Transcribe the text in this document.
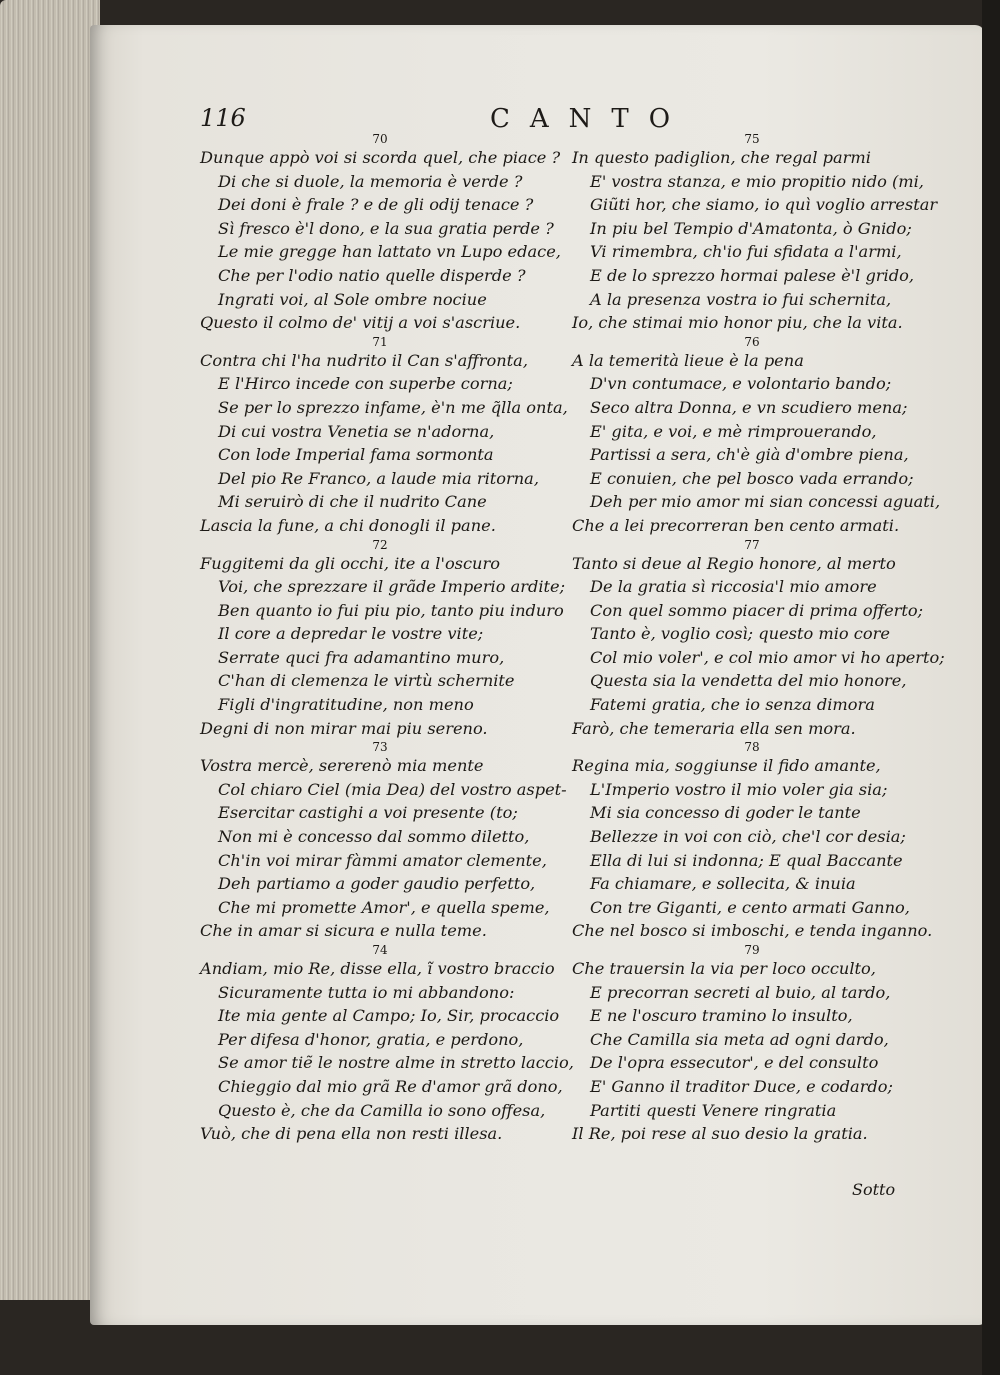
116	CANTO
70
Dunque appò voi si scorda quel, che piace ?
Di che si duole, la memoria è verde ?
Dei doni è frale ? e de gli odij tenace ?
Sì fresco è'l dono, e la sua gratia perde ?
Le mie gregge han lattato vn Lupo edace,
Che per l'odio natio quelle disperde ?
Ingrati voi, al Sole ombre nociue
Questo il colmo de' vitij a voi s'ascriue.
71
Contra chi l'ha nudrito il Can s'affronta,
E l'Hirco incede con superbe corna;
Se per lo sprezzo infame, è'n me q̃lla onta,
Di cui vostra Venetia se n'adorna,
Con lode Imperial fama sormonta
Del pio Re Franco, a laude mia ritorna,
Mi seruirò di che il nudrito Cane
Lascia la fune, a chi donogli il pane.
72
Fuggitemi da gli occhi, ite a l'oscuro
Voi, che sprezzare il grãde Imperio ardite;
Ben quanto io fui piu pio, tanto piu induro
Il core a depredar le vostre vite;
Serrate quci fra adamantino muro,
C'han di clemenza le virtù schernite
Figli d'ingratitudine, non meno
Degni di non mirar mai piu sereno.
73
Vostra mercè, sererenò mia mente
Col chiaro Ciel (mia Dea) del vostro aspet-
Esercitar castighi a voi presente (to;
Non mi è concesso dal sommo diletto,
Ch'in voi mirar fàmmi amator clemente,
Deh partiamo a goder gaudio perfetto,
Che mi promette Amor', e quella speme,
Che in amar si sicura e nulla teme.
74
Andiam, mio Re, disse ella, ĩ vostro braccio
Sicuramente tutta io mi abbandono:
Ite mia gente al Campo; Io, Sir, procaccio
Per difesa d'honor, gratia, e perdono,
Se amor tiẽ le nostre alme in stretto laccio,
Chieggio dal mio grã Re d'amor grã dono,
Questo è, che da Camilla io sono offesa,
Vuò, che di pena ella non resti illesa.
75
In questo padiglion, che regal parmi
E' vostra stanza, e mio propitio nido (mi,
Giũti hor, che siamo, io quì voglio arrestar
In piu bel Tempio d'Amatonta, ò Gnido;
Vi rimembra, ch'io fui sfidata a l'armi,
E de lo sprezzo hormai palese è'l grido,
A la presenza vostra io fui schernita,
Io, che stimai mio honor piu, che la vita.
76
A la temerità lieue è la pena
D'vn contumace, e volontario bando;
Seco altra Donna, e vn scudiero mena;
E' gita, e voi, e mè rimprouerando,
Partissi a sera, ch'è già d'ombre piena,
E conuien, che pel bosco vada errando;
Deh per mio amor mi sian concessi aguati,
Che a lei precorreran ben cento armati.
77
Tanto si deue al Regio honore, al merto
De la gratia sì riccosia'l mio amore
Con quel sommo piacer di prima offerto;
Tanto è, voglio così; questo mio core
Col mio voler', e col mio amor vi ho aperto;
Questa sia la vendetta del mio honore,
Fatemi gratia, che io senza dimora
Farò, che temeraria ella sen mora.
78
Regina mia, soggiunse il fido amante,
L'Imperio vostro il mio voler gia sia;
Mi sia concesso di goder le tante
Bellezze in voi con ciò, che'l cor desia;
Ella di lui si indonna; E qual Baccante
Fa chiamare, e sollecita, & inuia
Con tre Giganti, e cento armati Ganno,
Che nel bosco si imboschi, e tenda inganno.
79
Che trauersin la via per loco occulto,
E precorran secreti al buio, al tardo,
E ne l'oscuro tramino lo insulto,
Che Camilla sia meta ad ogni dardo,
De l'opra essecutor', e del consulto
E' Ganno il traditor Duce, e codardo;
Partiti questi Venere ringratia
Il Re, poi rese al suo desio la gratia.
Sotto
